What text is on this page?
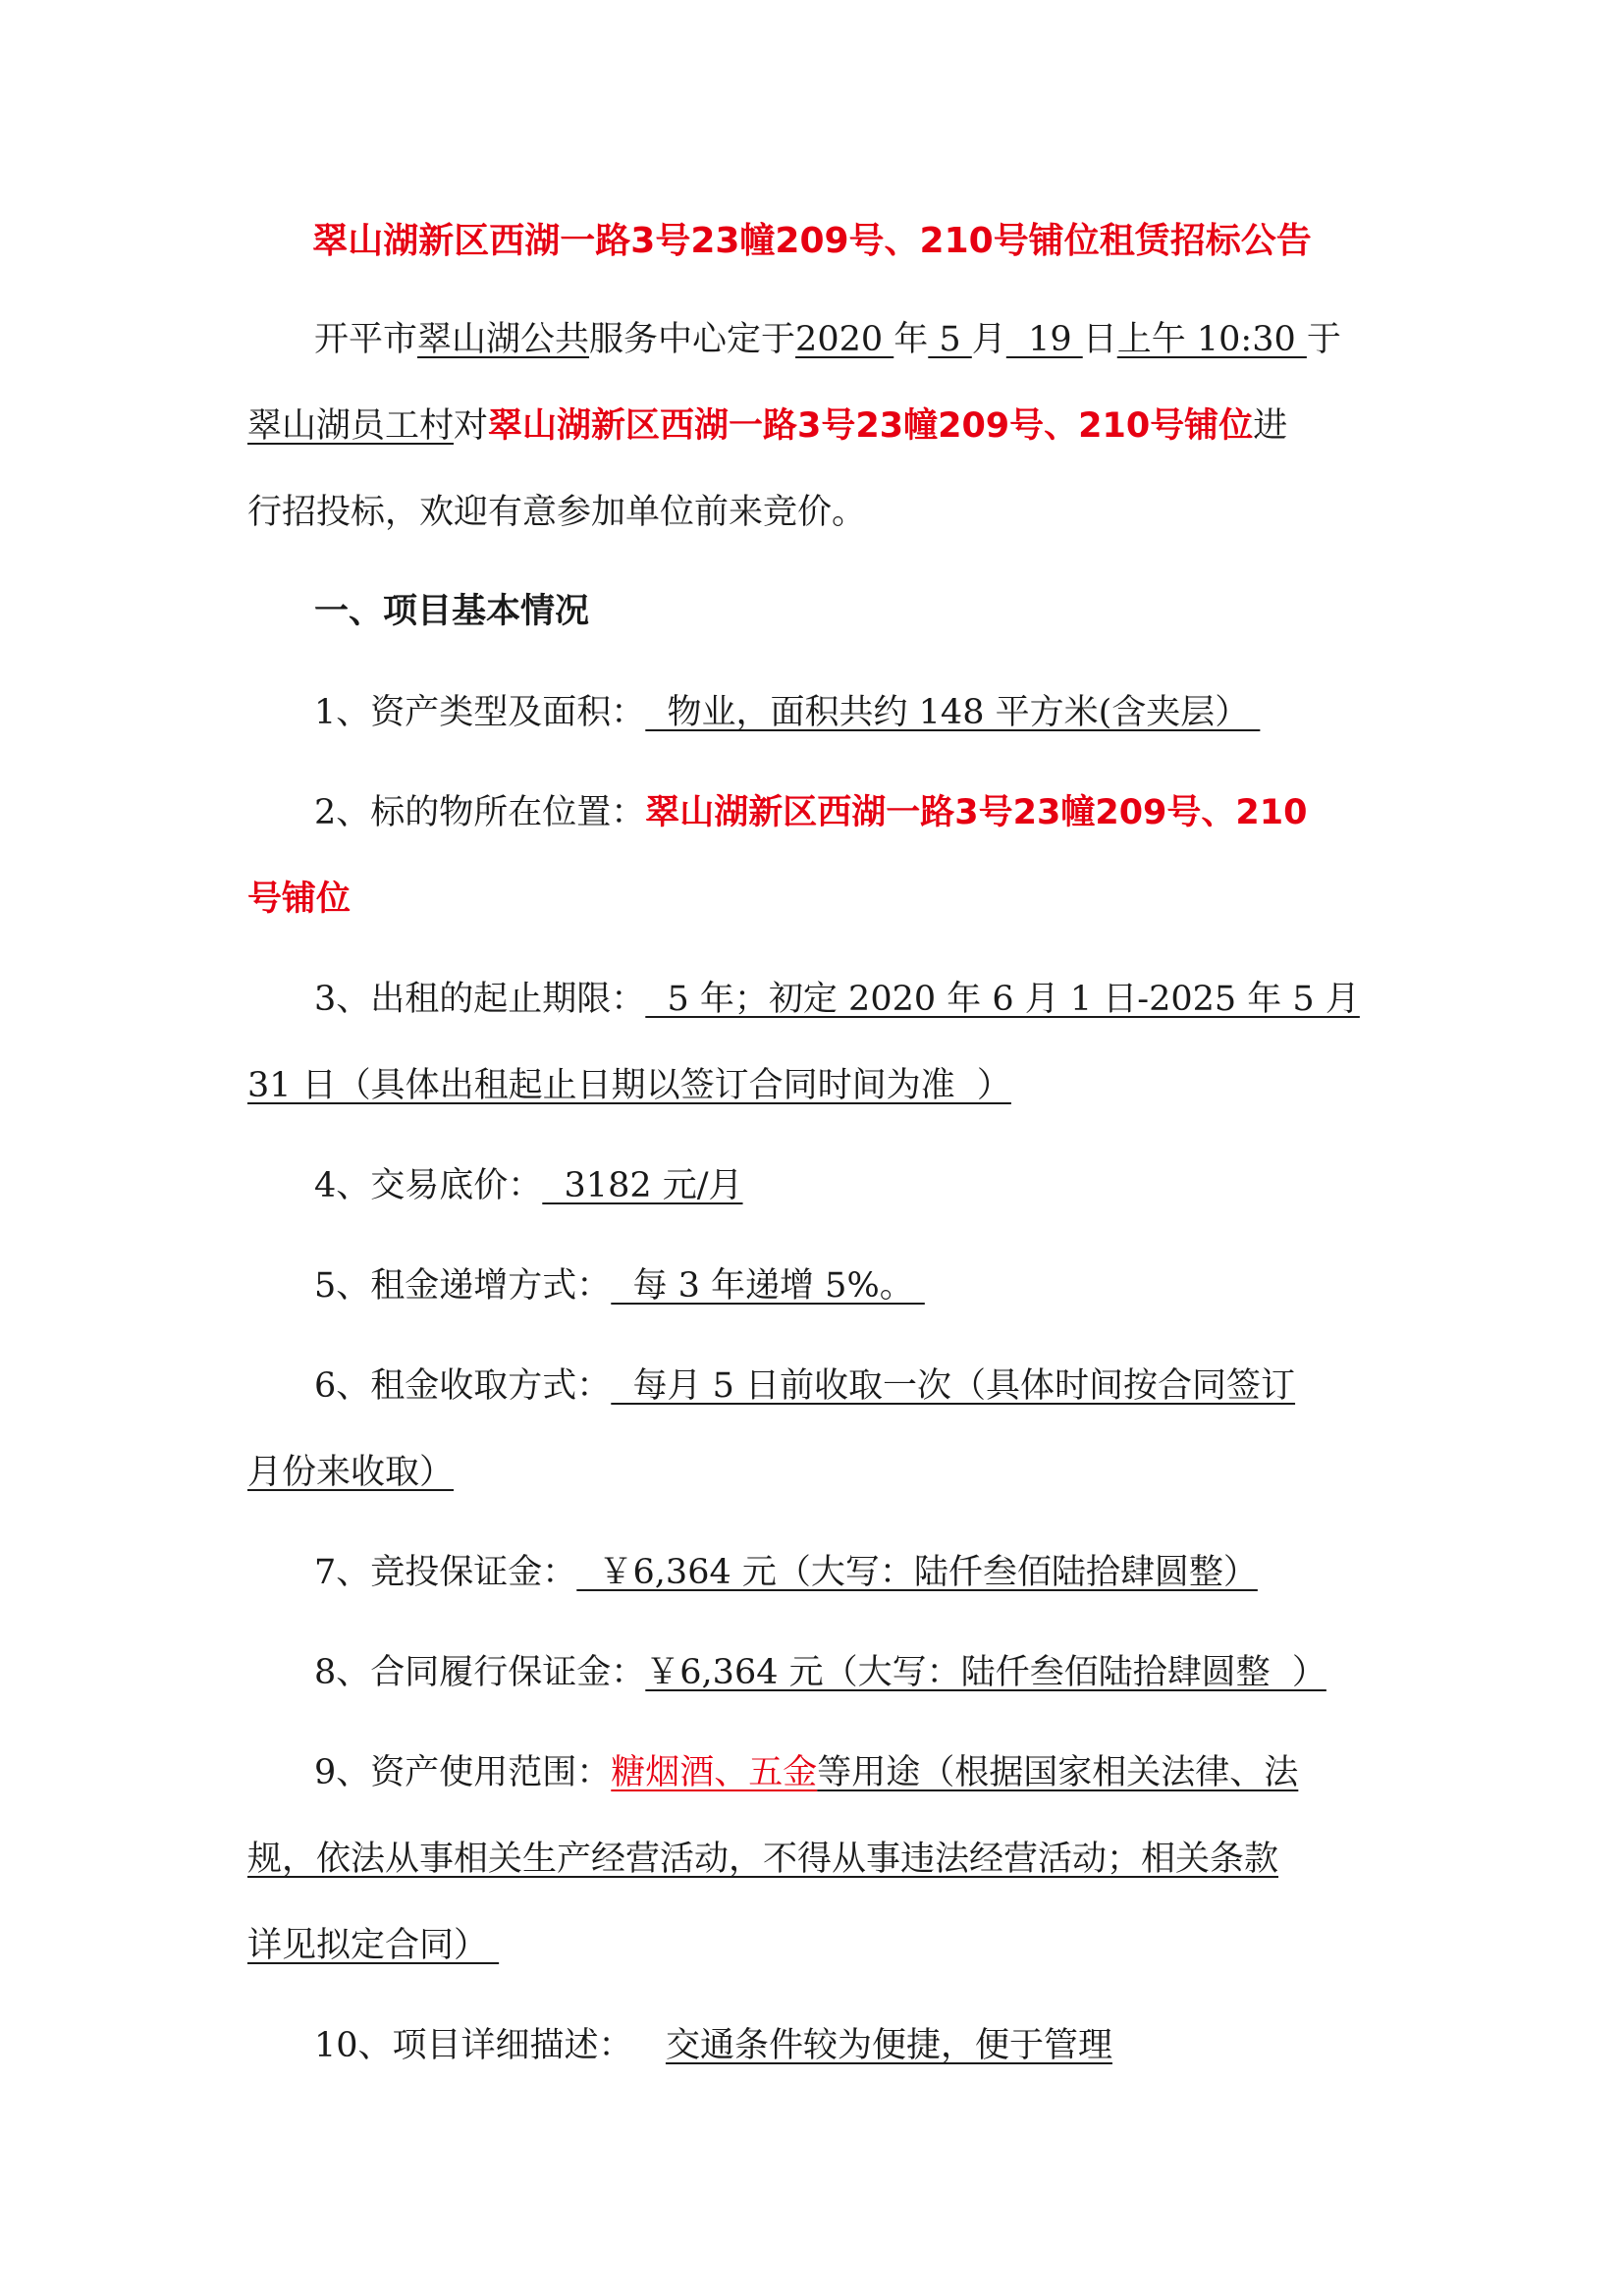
翠山湖新区西湖一路3号23幢209号、210号铺位租赁招标公告
开平市翠山湖公共服务中心定于2020 年 5 月  19 日上午 10:30 于
翠山湖员工村对翠山湖新区西湖一路3号23幢209号、210号铺位进
行招投标，欢迎有意参加单位前来竞价。
一、项目基本情况
1、资产类型及面积：  物业，面积共约 148 平方米(含夹层）
2、标的物所在位置：翠山湖新区西湖一路3号23幢209号、210
号铺位
3、出租的起止期限：  5 年；初定 2020 年 6 月 1 日-2025 年 5 月
31 日（具体出租起止日期以签订合同时间为准  ）
4、交易底价：  3182 元/月
5、租金递增方式：  每 3 年递增 5%。
6、租金收取方式：  每月 5 日前收取一次（具体时间按合同签订
月份来收取）
7、竞投保证金：  ￥6,364 元（大写：陆仟叁佰陆拾肆圆整）
8、合同履行保证金：￥6,364 元（大写：陆仟叁佰陆拾肆圆整  ）
9、资产使用范围：糖烟酒、五金等用途（根据国家相关法律、法
规，依法从事相关生产经营活动，不得从事违法经营活动；相关条款
详见拟定合同）
10、项目详细描述： 交通条件较为便捷，便于管理
